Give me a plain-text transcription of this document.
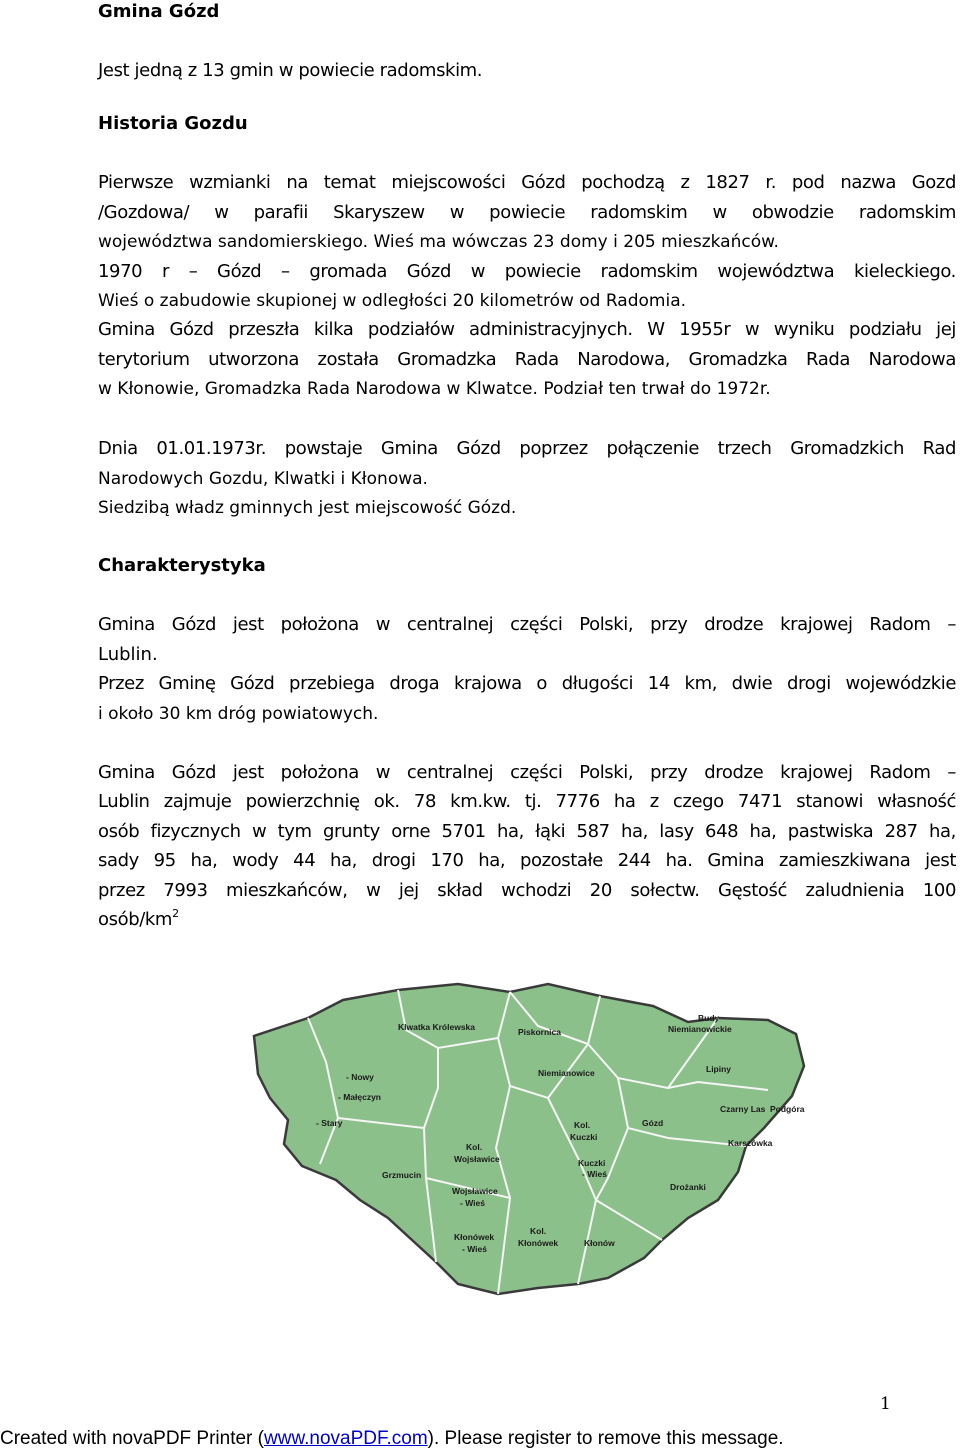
Gmina Gózd
Jest jedną z 13 gmin w powiecie radomskim.
Historia Gozdu
Pierwsze wzmianki na temat miejscowości Gózd pochodzą z 1827 r. pod nazwa Gozd
/Gozdowa/ w parafii Skaryszew w powiecie radomskim w obwodzie radomskim
województwa sandomierskiego. Wieś ma wówczas 23 domy i 205 mieszkańców.
1970 r – Gózd – gromada Gózd w powiecie radomskim województwa kieleckiego.
Wieś o zabudowie skupionej w odległości 20 kilometrów od Radomia.
Gmina Gózd przeszła kilka podziałów administracyjnych. W 1955r w wyniku podziału jej
terytorium utworzona została Gromadzka Rada Narodowa, Gromadzka Rada Narodowa
w Kłonowie, Gromadzka Rada Narodowa w Klwatce. Podział ten trwał do 1972r.
Dnia 01.01.1973r. powstaje Gmina Gózd poprzez połączenie trzech Gromadzkich Rad
Narodowych Gozdu, Klwatki i Kłonowa.
Siedzibą władz gminnych jest miejscowość Gózd.
Charakterystyka
Gmina Gózd jest położona w centralnej części Polski, przy drodze krajowej Radom –
Lublin.
Przez Gminę Gózd przebiega droga krajowa o długości 14 km, dwie drogi wojewódzkie
i około 30 km dróg powiatowych.
Gmina Gózd jest położona w centralnej części Polski, przy drodze krajowej Radom –
Lublin zajmuje powierzchnię ok. 78 km.kw. tj. 7776 ha z czego 7471 stanowi własność
osób fizycznych w tym grunty orne 5701 ha, łąki 587 ha, lasy 648 ha, pastwiska 287 ha,
sady 95 ha, wody 44 ha, drogi 170 ha, pozostałe 244 ha. Gmina zamieszkiwana jest
przez 7993 mieszkańców, w jej skład wchodzi 20 sołectw. Gęstość zaludnienia 100
osób/$km^2$
Klwatka Królewska	Piskornica
Budy
Niemianowickie
Lipiny
- Nowy
- Małęczyn
Niemianowice
- Stary
Czarny Las Podgóra
Kol.
Kuczki
Gózd
Kol.
Wojsławice	Kuczki
- Wieś
Karszówka
Grzmucin
Wojsławice
- Wieś
Drożanki
Kłonówek
- Wieś
Kol.
Kłonówek	Kłonów
1
Created with novaPDF Printer (www.novaPDF.com). Please register to remove this message.
